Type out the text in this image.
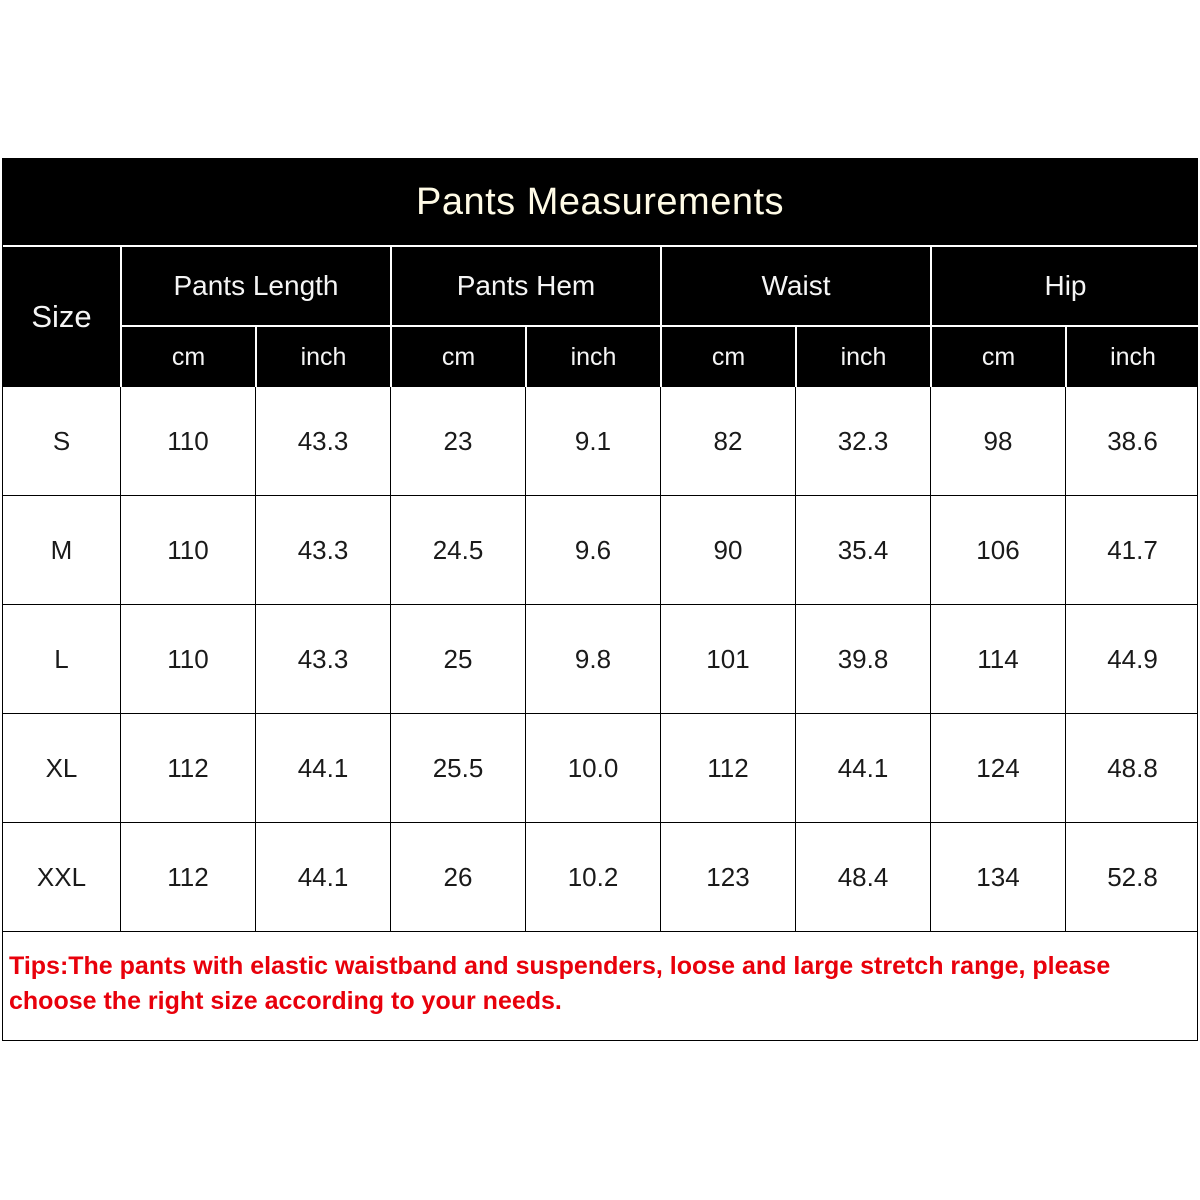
Pants Measurements
Size
Pants Length	Pants Hem	Waist	Hip
cm	inch	cm	inch	cm	inch	cm	inch
S	110	43.3	23	9.1	82	32.3	98	38.6
M	110	43.3	24.5	9.6	90	35.4	106	41.7
L	110	43.3	25	9.8	101	39.8	114	44.9
XL	112	44.1	25.5	10.0	112	44.1	124	48.8
XXL	112	44.1	26	10.2	123	48.4	134	52.8
Tips:The pants with elastic waistband and suspenders, loose and large stretch range, please choose the right size according to your needs.
